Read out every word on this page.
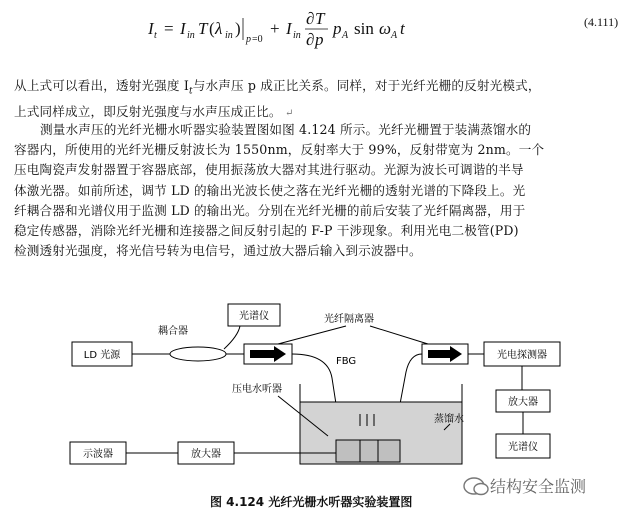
I t = I in T ( λ in )
p =0
+ I in
∂ T
∂ p
p A sin ω A t	(4.111)
从上式可以看出，透射光强度 $I_t$与水声压 p 成正比关系。同样，对于光纤光栅的反射光模式，
上式同样成立，即反射光强度与水声压成正比。 ↵
测量水声压的光纤光栅水听器实验装置图如图 4.124 所示。光纤光栅置于装满蒸馏水的
容器内，所使用的光纤光栅反射波长为 1550nm，反射率大于 99%，反射带宽为 2nm。一个
压电陶瓷声发射器置于容器底部，使用振荡放大器对其进行驱动。光源为波长可调谐的半导
体激光器。如前所述，调节 LD 的输出光波长使之落在光纤光栅的透射光谱的下降段上。光
纤耦合器和光谱仪用于监测 LD 的输出光。分别在光纤光栅的前后安装了光纤隔离器，用于
稳定传感器，消除光纤光栅和连接器之间反射引起的 F-P 干涉现象。利用光电二极管(PD)
检测透射光强度，将光信号转为电信号，通过放大器后输入到示波器中。
LD 光源
耦合器
光谱仪	光纤隔离器
FBG
蒸馏水
压电水听器
光电探测器
放大器
光谱仪
示波器	放大器
图 4.124 光纤光栅水听器实验装置图
结构安全监测
